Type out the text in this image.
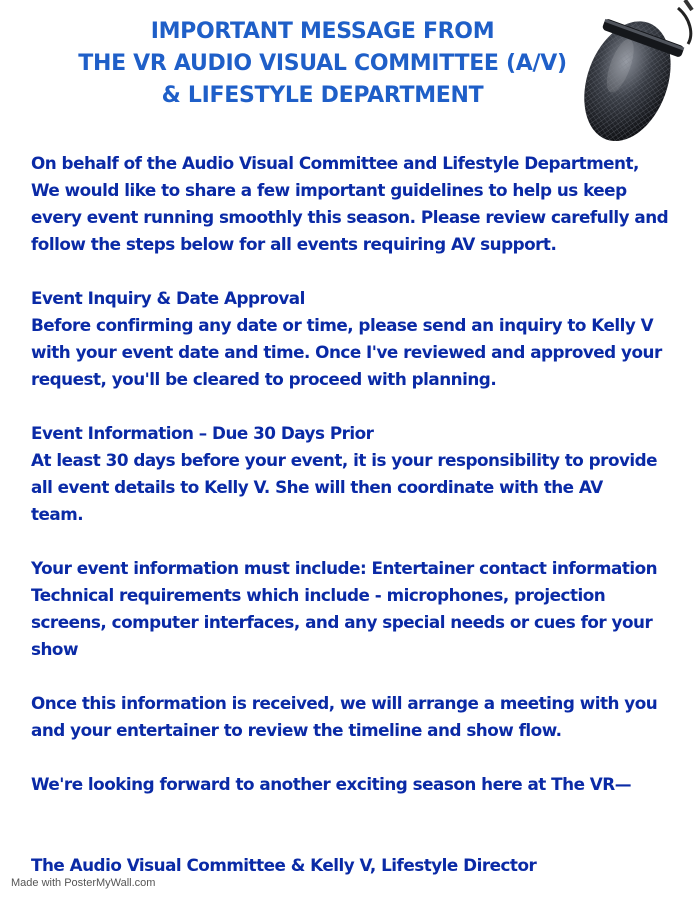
IMPORTANT MESSAGE FROM
THE VR AUDIO VISUAL COMMITTEE (A/V)
& LIFESTYLE DEPARTMENT

On behalf of the Audio Visual Committee and Lifestyle Department,

We would like to share a few important guidelines to help us keep

every event running smoothly this season. Please review carefully and

follow the steps below for all events requiring AV support.

Event Inquiry & Date Approval

Before confirming any date or time, please send an inquiry to Kelly V

with your event date and time. Once I've reviewed and approved your

request, you'll be cleared to proceed with planning.

Event Information – Due 30 Days Prior

At least 30 days before your event, it is your responsibility to provide

all event details to Kelly V. She will then coordinate with the AV

team.

Your event information must include: Entertainer contact information

Technical requirements which include - microphones, projection

screens, computer interfaces, and any special needs or cues for your

show

Once this information is received, we will arrange a meeting with you

and your entertainer to review the timeline and show flow.

We're looking forward to another exciting season here at The VR—

The Audio Visual Committee & Kelly V, Lifestyle Director

Made with PosterMyWall.com
